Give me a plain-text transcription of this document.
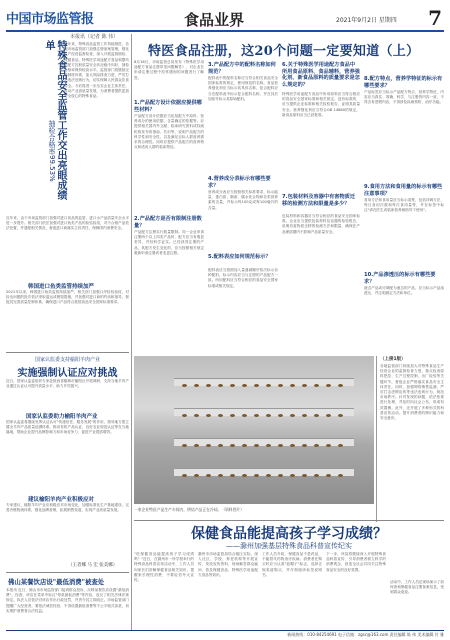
中国市场监管报	食品业界	2021年9月2日 星期四 7
特殊食品安全监管工作交出亮眼成绩单
抽检合格率99.53%
本报讯（记者 陈 伟）
近年来，特殊食品监管工作持续推进，各地市场监管部门加强注册备案管理，强化生产经营监督检查，深入开展监督抽检，保健食品、特殊医学用途配方食品和婴幼儿配方乳粉质量安全状况稳中向好，抽检合格率保持较高水平。监管部门将继续完善制度体系，加大风险排查力度，严厉打击违法违规行为，切实保障人民群众饮食安全。今后将进一步压实企业主体责任，推动产业高质量发展，为消费者提供更加安全放心的特殊食品。
近年来，由于市场监管部门加强对进口食品的监管，进口水产品质量安全水平进一步提升。相关部门依法加强对进口鱼类产品的检验检疫，对不合格产品依法处置，并通报相关情况，督促进口商落实主体责任，保障国内消费安全。
韩国进口鱼类监管持续加严
2021年以来，韩国进口鱼类监管持续加严，相关部门加强口岸检验检疫，对检出问题的批次依法采取退运或销毁措施，并加强对进口商的约谈和指导，督促其完善质量控制体系，确保进口产品符合我国食品安全国家标准要求。
国家认监委支持榆阳羊肉产业
实施强制认证应对挑战
近日，国家认监委组织专家赴陕西省榆林市榆阳区开展调研，支持当地羊肉产业通过认证认可提升质量水平，助力乡村振兴。
国家认监委助力榆阳羊肉产业
国家认监委将继续发挥认证认可"传递信任、服务发展"的作用，指导地方建立健全羊肉产品质量追溯体系，推动有机产品认证、良好农业规范认证等在当地落地，帮助企业提升品牌影响力和市场竞争力，促进产业提质增效。
建议榆阳羊肉产业积极应对
专家建议，榆阳羊肉产业应积极应对市场变化，加强标准化生产基地建设，完善冷链物流体系，强化品牌营销，拓展销售渠道，实现产业高质量发展。
（王者娜 马 宏 张美娜）
佛山某餐饮店设"最低消费"被查处
本报讯 近日，佛山市市场监管部门接到群众投诉，反映某餐饮店设置"最低消费"。经查，该店在菜单中标注"每桌最低消费"等内容，违反了相关法律法规规定。执法人员依法对该店作出行政处罚，并责令其立即改正。市场监管部门提醒广大经营者，要依法诚信经营，不得设置最低消费等不公平格式条款，切实维护消费者合法权益。
特医食品注册，这20个问题一定要知道（上）
8月16日，市场监管总局发布《特殊医学用途配方食品注册常见问题解答》，对企业在申请注册过程中经常遇到的问题进行了解答。
1.产品配方设计依据应提供哪些材料？
产品配方设计依据应当包括配方中原料、营养成分的使用依据、含量确定的依据等。应提供相关国内外文献、临床研究资料或权威机构发布的指南、共识等，说明产品配方的科学性和安全性，以及满足目标人群营养需求的合理性。同时应提供产品配方的营养特点和适用人群的临床特征。
2.产品配方是否有限制注册数量？
产品配方注册实行数量限制。同一企业申请注册两个以上同类产品时，配方应当有明显差异，并经科学证实。已经获得注册的产品，其配方发生变化的，应当按照相关规定重新申请注册或者变更注册。
3.产品配方中的配料名称如何规范？
配料表中的配料名称应当符合相关食品安全国家标准的规定，使用规范的名称。食品营养强化剂应当标示其具体名称，复合配料应当在配料表中标示复合配料名称，并在其后加括号标示其原始配料。
4.营养成分表标示有哪些要求？
营养成分表应当按照相关标准要求，标示能量、蛋白质、脂肪、碳水化合物和各类营养素的含量，并标示每100克或每100毫升的含量。
5.配料表应如何规范标示？
配料表应当按照加入量递减顺序依次标示各种配料，标示内容应当与注册的产品配方一致。所用配料应当符合相应的食品安全国家标准或相关规定。
6.关于特殊医学用途配方食品中所用食品原料、食品辅料，营养强化剂、新食品原料的质量要求是怎么规定的？
特殊医学用途配方食品中所用原料应当符合相应的食品安全国家标准和相关规定。没有标准的，应当提供企业标准和相关检验报告，证明其质量安全。营养强化剂应当符合GB 14880的规定，新食品原料应当已获批准。
7.包装材料及容器中有害物质迁移的检测方法和限量是多少？
包装材料和容器应当符合相应的食品安全国家标准。企业应当提供包装材料及容器的检验报告，说明有害物质迁移的检测方法和限量，确保在产品保质期内不影响产品质量安全。
8.配方特点，营养学特征的标示有哪些要求？
产品标签应当标示产品配方特点、营养学特征，内容应当真实、准确、科学，与注册的内容一致，不得含有虚假内容，不得涉及疾病预防、治疗功能。
9.食用方法和食用量的标示有哪些注意事项？
食用方法和食用量应当标示清楚，包括冲调方法、每日食用次数和每次食用量等，并在标签中标注"请在医生或临床营养师指导下使用"。
10.产品渗透压的标示有哪些要求？
液态产品或可调配为液态的产品，应当标示产品渗透压，并注明测定方法和单位。
一家企业特医产品生产车间内，烘焙产品正在冷却。（资料图片）
（上接1版）
各地监管部门持续加大对特殊食品生产经营企业的监督检查力度，重点检查原料把控、生产过程控制、出厂检验等关键环节，督促企业严格落实食品安全主体责任。同时，加强网络销售监测，严厉打击虚假宣传等违法违规行为，规范市场秩序。针对发现的问题，依法依规进行处理，并及时向社会公布，形成有效震慑。此外，还开展了多种形式的科普宣传活动，提升消费者的辨识能力和安全意识。
保健食品能提高孩子学习成绩？
——滁州加强基层特殊食品科普宣传纪实
"吃保健食品能提高孩子学习成绩吗？"近日，在滁州市一所学校举行的特殊食品科普宣传活动中，工作人员向家长们讲解保健食品相关知识，提醒家长理性消费，不要轻信夸大宣传。
滁州市市场监管局结合辖区实际，深入社区、学校、养老机构等开展宣传，发放宣传资料，现场解答群众疑问，普及保健食品、特殊医学用途配方食品等知识。
工作人员介绍，保健食品不是药品，不能替代药物治疗疾病。消费者在购买时应当认准"蓝帽子"标志，选择正规渠道购买，并仔细阅读标签说明书。
下一步，该局将继续深入开展特殊食品科普宣传，引导消费者树立科学的消费观念，营造全社会共同关注特殊食品安全的良好氛围。
活动中，工作人员还现场演示了如何查询保健食品注册备案信息，受到群众欢迎。
新闻热线：010-84254691 电子信箱：zgsc@163.com 责任编辑 陈 伟 美术编辑 付 雅
